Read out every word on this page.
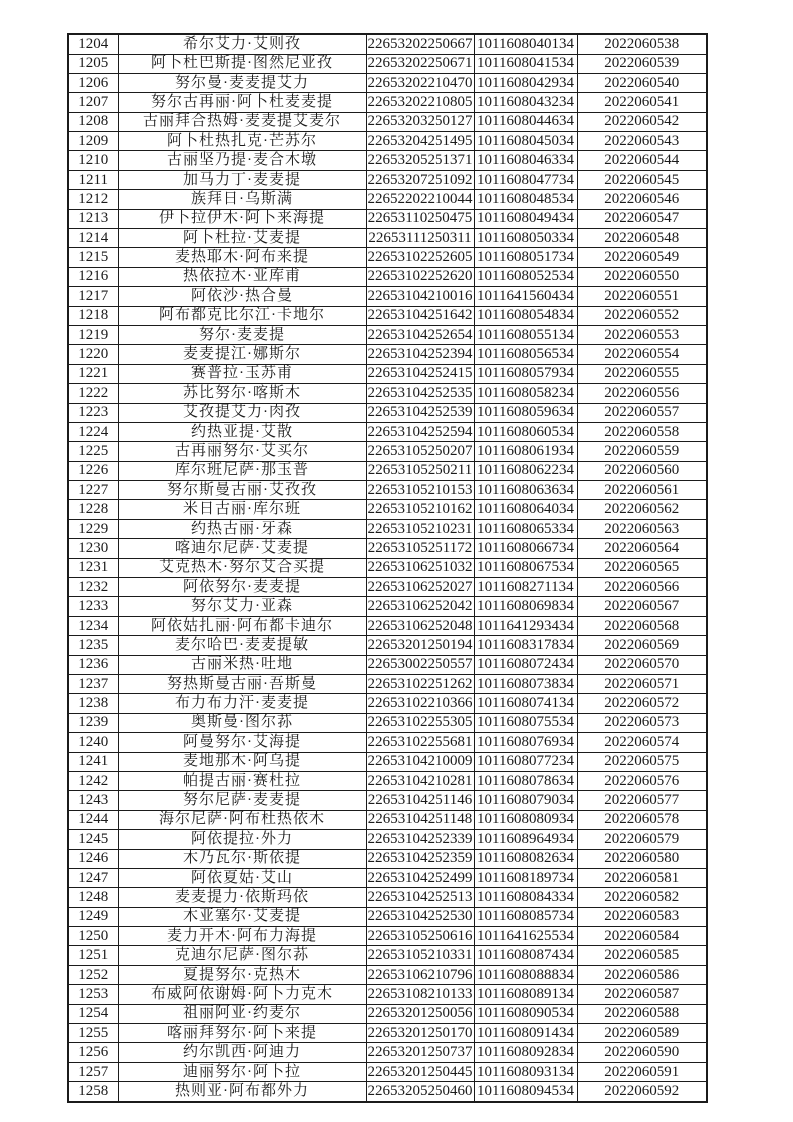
1204	希尔艾力·艾则孜	22653202250667	1011608040134	2022060538
1205	阿卜杜巴斯提·图然尼亚孜	22653202250671	1011608041534	2022060539
1206	努尔曼·麦麦提艾力	22653202210470	1011608042934	2022060540
1207	努尔古再丽·阿卜杜麦麦提	22653202210805	1011608043234	2022060541
1208	古丽拜合热姆·麦麦提艾麦尔	22653203250127	1011608044634	2022060542
1209	阿卜杜热扎克·芒苏尔	22653204251495	1011608045034	2022060543
1210	古丽坚乃提·麦合木墩	22653205251371	1011608046334	2022060544
1211	加马力丁·麦麦提	22653207251092	1011608047734	2022060545
1212	族拜日·乌斯满	22652202210044	1011608048534	2022060546
1213	伊卜拉伊木·阿卜来海提	22653110250475	1011608049434	2022060547
1214	阿卜杜拉·艾麦提	22653111250311	1011608050334	2022060548
1215	麦热耶木·阿布来提	22653102252605	1011608051734	2022060549
1216	热依拉木·亚库甫	22653102252620	1011608052534	2022060550
1217	阿依沙·热合曼	22653104210016	1011641560434	2022060551
1218	阿布都克比尔江·卡地尔	22653104251642	1011608054834	2022060552
1219	努尔·麦麦提	22653104252654	1011608055134	2022060553
1220	麦麦提江·娜斯尔	22653104252394	1011608056534	2022060554
1221	赛普拉·玉苏甫	22653104252415	1011608057934	2022060555
1222	苏比努尔·喀斯木	22653104252535	1011608058234	2022060556
1223	艾孜提艾力·肉孜	22653104252539	1011608059634	2022060557
1224	约热亚提·艾散	22653104252594	1011608060534	2022060558
1225	古再丽努尔·艾买尔	22653105250207	1011608061934	2022060559
1226	库尔班尼萨·那玉普	22653105250211	1011608062234	2022060560
1227	努尔斯曼古丽·艾孜孜	22653105210153	1011608063634	2022060561
1228	米日古丽·库尔班	22653105210162	1011608064034	2022060562
1229	约热古丽·牙森	22653105210231	1011608065334	2022060563
1230	喀迪尔尼萨·艾麦提	22653105251172	1011608066734	2022060564
1231	艾克热木·努尔艾合买提	22653106251032	1011608067534	2022060565
1232	阿依努尔·麦麦提	22653106252027	1011608271134	2022060566
1233	努尔艾力·亚森	22653106252042	1011608069834	2022060567
1234	阿依姑扎丽·阿布都卡迪尔	22653106252048	1011641293434	2022060568
1235	麦尔哈巴·麦麦提敏	22653201250194	1011608317834	2022060569
1236	古丽米热·吐地	22653002250557	1011608072434	2022060570
1237	努热斯曼古丽·吾斯曼	22653102251262	1011608073834	2022060571
1238	布力布力汗·麦麦提	22653102210366	1011608074134	2022060572
1239	奥斯曼·图尔荪	22653102255305	1011608075534	2022060573
1240	阿曼努尔·艾海提	22653102255681	1011608076934	2022060574
1241	麦地那木·阿乌提	22653104210009	1011608077234	2022060575
1242	帕提古丽·赛杜拉	22653104210281	1011608078634	2022060576
1243	努尔尼萨·麦麦提	22653104251146	1011608079034	2022060577
1244	海尔尼萨·阿布杜热依木	22653104251148	1011608080934	2022060578
1245	阿依提拉·外力	22653104252339	1011608964934	2022060579
1246	木乃瓦尔·斯依提	22653104252359	1011608082634	2022060580
1247	阿依夏姑·艾山	22653104252499	1011608189734	2022060581
1248	麦麦提力·依斯玛依	22653104252513	1011608084334	2022060582
1249	木亚塞尔·艾麦提	22653104252530	1011608085734	2022060583
1250	麦力开木·阿布力海提	22653105250616	1011641625534	2022060584
1251	克迪尔尼萨·图尔荪	22653105210331	1011608087434	2022060585
1252	夏提努尔·克热木	22653106210796	1011608088834	2022060586
1253	布威阿依谢姆·阿卜力克木	22653108210133	1011608089134	2022060587
1254	祖丽阿亚·约麦尔	22653201250056	1011608090534	2022060588
1255	喀丽拜努尔·阿卜来提	22653201250170	1011608091434	2022060589
1256	约尔凯西·阿迪力	22653201250737	1011608092834	2022060590
1257	迪丽努尔·阿卜拉	22653201250445	1011608093134	2022060591
1258	热则亚·阿布都外力	22653205250460	1011608094534	2022060592
